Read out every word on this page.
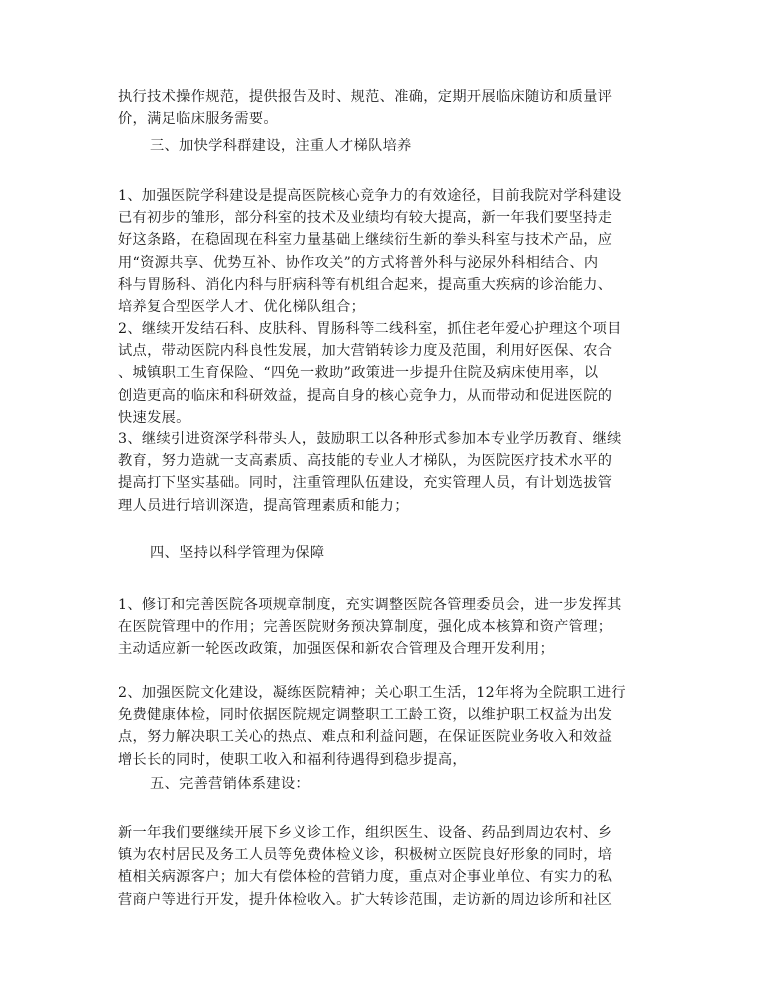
执行技术操作规范，提供报告及时、规范、准确，定期开展临床随访和质量评
价，满足临床服务需要。
三、加快学科群建设，注重人才梯队培养
1、加强医院学科建设是提高医院核心竞争力的有效途径，目前我院对学科建设
已有初步的雏形，部分科室的技术及业绩均有较大提高，新一年我们要坚持走
好这条路，在稳固现在科室力量基础上继续衍生新的拳头科室与技术产品，应
用“资源共享、优势互补、协作攻关”的方式将普外科与泌尿外科相结合、内
科与胃肠科、消化内科与肝病科等有机组合起来，提高重大疾病的诊治能力、
培养复合型医学人才、优化梯队组合；
2、继续开发结石科、皮肤科、胃肠科等二线科室，抓住老年爱心护理这个项目
试点，带动医院内科良性发展，加大营销转诊力度及范围，利用好医保、农合
、城镇职工生育保险、“四免一救助”政策进一步提升住院及病床使用率，以
创造更高的临床和科研效益，提高自身的核心竞争力，从而带动和促进医院的
快速发展。
3、继续引进资深学科带头人，鼓励职工以各种形式参加本专业学历教育、继续
教育，努力造就一支高素质、高技能的专业人才梯队，为医院医疗技术水平的
提高打下坚实基础。同时，注重管理队伍建设，充实管理人员，有计划选拔管
理人员进行培训深造，提高管理素质和能力；
四、坚持以科学管理为保障
1、修订和完善医院各项规章制度，充实调整医院各管理委员会，进一步发挥其
在医院管理中的作用；完善医院财务预决算制度，强化成本核算和资产管理；
主动适应新一轮医改政策，加强医保和新农合管理及合理开发利用；
2、加强医院文化建设，凝练医院精神；关心职工生活，12年将为全院职工进行
免费健康体检，同时依据医院规定调整职工工龄工资，以维护职工权益为出发
点，努力解决职工关心的热点、难点和利益问题，在保证医院业务收入和效益
增长长的同时，使职工收入和福利待遇得到稳步提高，
五、完善营销体系建设：
新一年我们要继续开展下乡义诊工作，组织医生、设备、药品到周边农村、乡
镇为农村居民及务工人员等免费体检义诊，积极树立医院良好形象的同时，培
植相关病源客户；加大有偿体检的营销力度，重点对企事业单位、有实力的私
营商户等进行开发，提升体检收入。扩大转诊范围，走访新的周边诊所和社区
